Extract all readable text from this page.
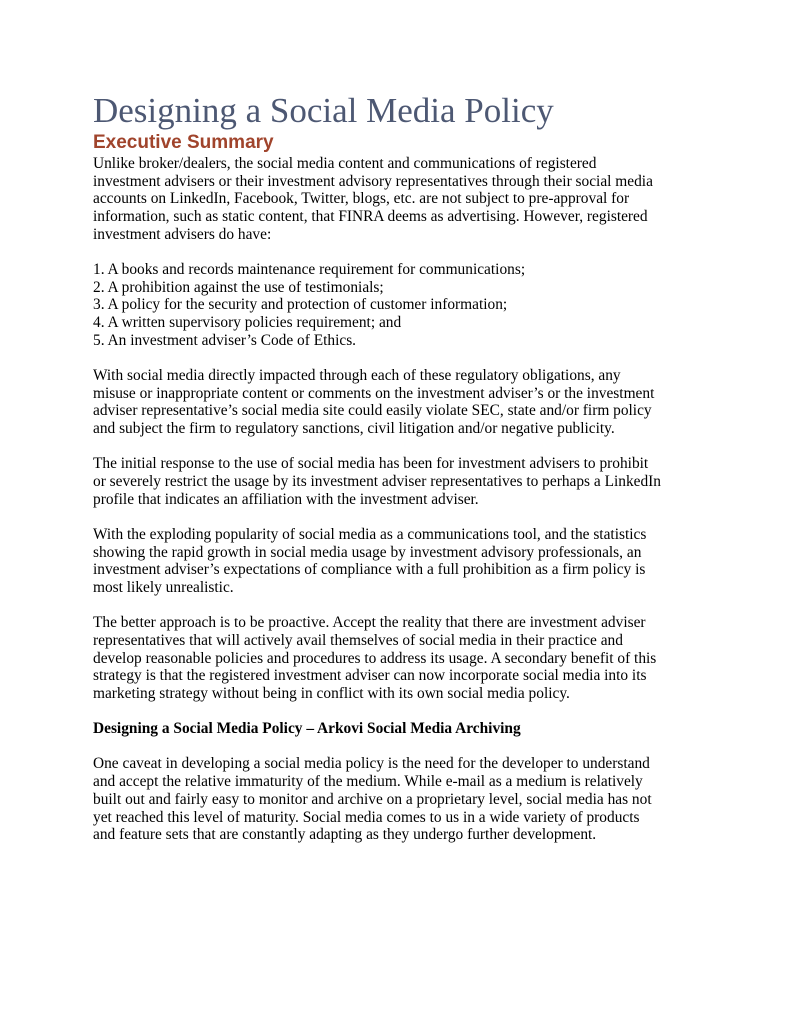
Designing a Social Media Policy
Executive Summary

Unlike broker/dealers, the social media content and communications of registered investment advisers or their investment advisory representatives through their social media accounts on LinkedIn, Facebook, Twitter, blogs, etc. are not subject to pre-approval for information, such as static content, that FINRA deems as advertising. However, registered investment advisers do have:

1. A books and records maintenance requirement for communications;
2. A prohibition against the use of testimonials;
3. A policy for the security and protection of customer information;
4. A written supervisory policies requirement; and
5. An investment adviser’s Code of Ethics.

With social media directly impacted through each of these regulatory obligations, any misuse or inappropriate content or comments on the investment adviser’s or the investment adviser representative’s social media site could easily violate SEC, state and/or firm policy and subject the firm to regulatory sanctions, civil litigation and/or negative publicity.

The initial response to the use of social media has been for investment advisers to prohibit or severely restrict the usage by its investment adviser representatives to perhaps a LinkedIn profile that indicates an affiliation with the investment adviser.

With the exploding popularity of social media as a communications tool, and the statistics showing the rapid growth in social media usage by investment advisory professionals, an investment adviser’s expectations of compliance with a full prohibition as a firm policy is most likely unrealistic.

The better approach is to be proactive. Accept the reality that there are investment adviser representatives that will actively avail themselves of social media in their practice and develop reasonable policies and procedures to address its usage. A secondary benefit of this strategy is that the registered investment adviser can now incorporate social media into its marketing strategy without being in conflict with its own social media policy.

Designing a Social Media Policy – Arkovi Social Media Archiving

One caveat in developing a social media policy is the need for the developer to understand and accept the relative immaturity of the medium. While e-mail as a medium is relatively built out and fairly easy to monitor and archive on a proprietary level, social media has not yet reached this level of maturity. Social media comes to us in a wide variety of products and feature sets that are constantly adapting as they undergo further development.
